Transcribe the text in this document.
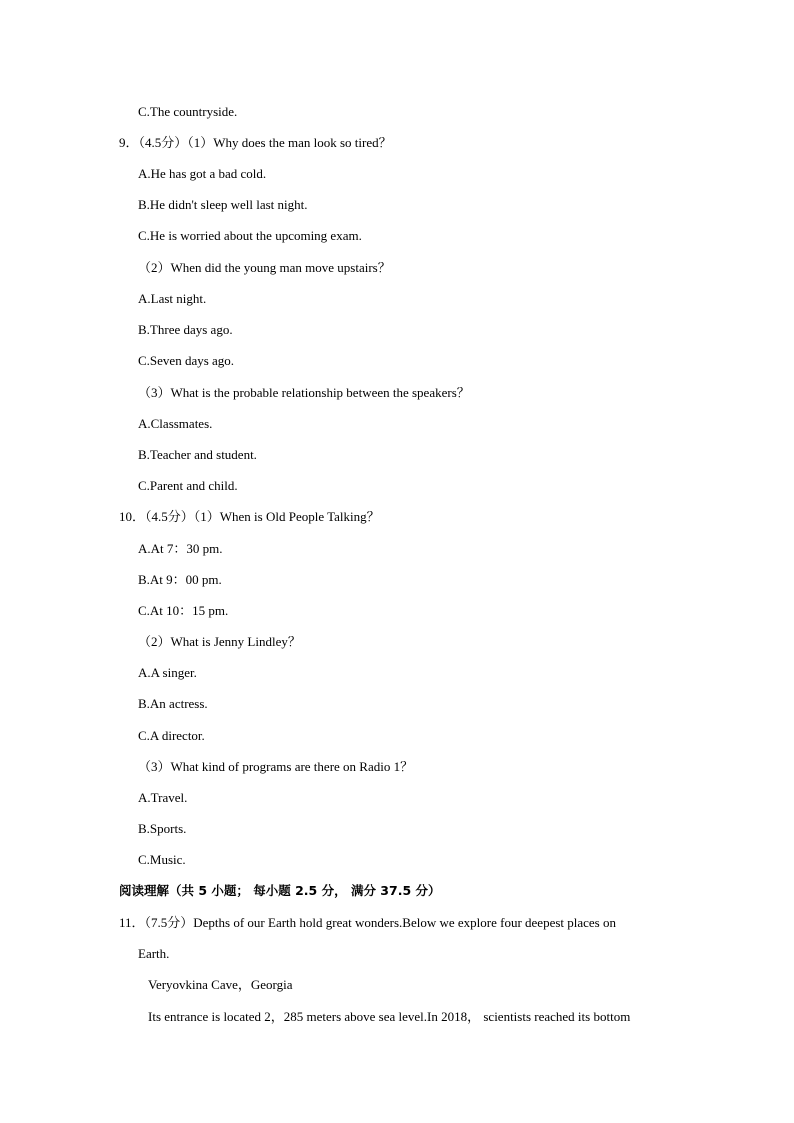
C.The countryside.
9．（4.5分）（1）Why does the man look so tired？
A.He has got a bad cold.
B.He didn't sleep well last night.
C.He is worried about the upcoming exam.
（2）When did the young man move upstairs？
A.Last night.
B.Three days ago.
C.Seven days ago.
（3）What is the probable relationship between the speakers？
A.Classmates.
B.Teacher and student.
C.Parent and child.
10．（4.5分）（1）When is Old People Talking？
A.At 7：30 pm.
B.At 9：00 pm.
C.At 10：15 pm.
（2）What is Jenny Lindley？
A.A singer.
B.An actress.
C.A director.
（3）What kind of programs are there on Radio 1？
A.Travel.
B.Sports.
C.Music.
阅读理解（共 5 小题； 每小题 2.5 分， 满分 37.5 分）
11．（7.5分）Depths of our Earth hold great wonders.Below we explore four deepest places on
Earth.
Veryovkina Cave，Georgia
Its entrance is located 2，285 meters above sea level.In 2018， scientists reached its bottom
